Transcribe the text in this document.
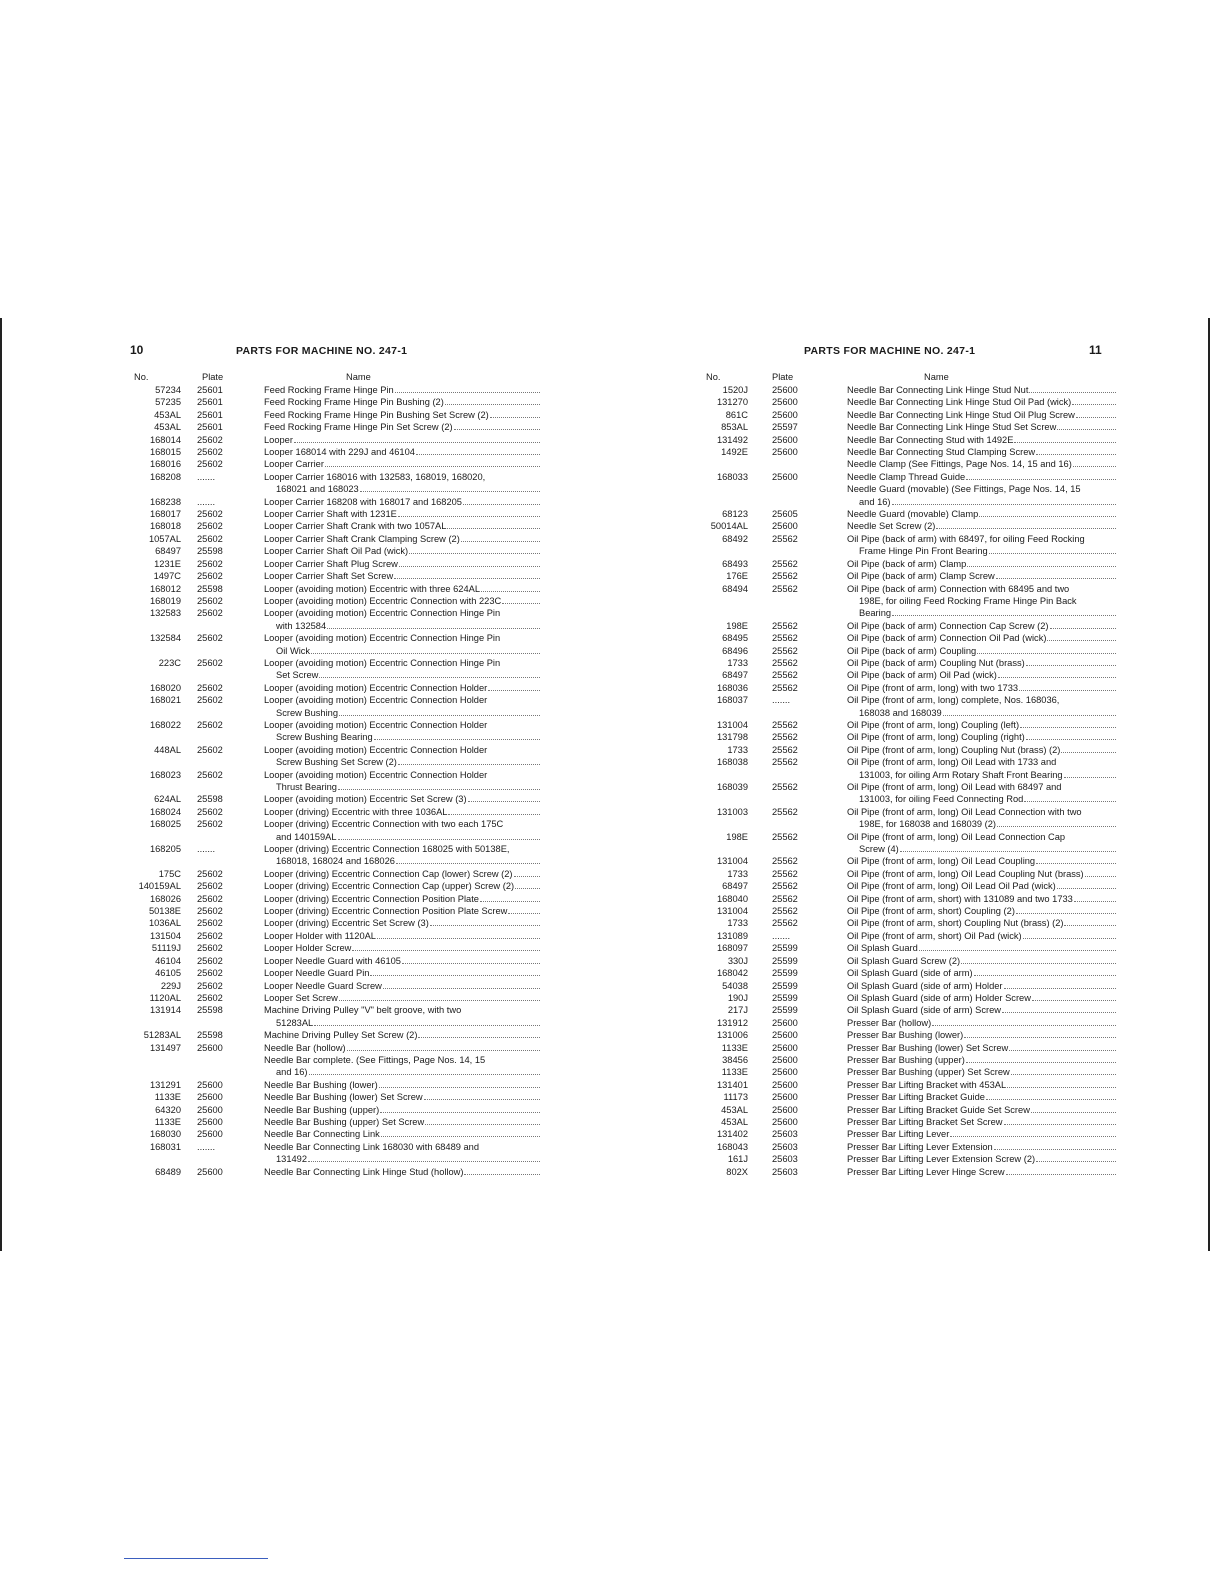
10	PARTS FOR MACHINE NO. 247-1	PARTS FOR MACHINE NO. 247-1	11
No.	Plate	Name
57234	25601	Feed Rocking Frame Hinge Pin
57235	25601	Feed Rocking Frame Hinge Pin Bushing (2)
453AL	25601	Feed Rocking Frame Hinge Pin Bushing Set Screw (2)
453AL	25601	Feed Rocking Frame Hinge Pin Set Screw (2)
168014	25602	Looper
168015	25602	Looper 168014 with 229J and 46104
168016	25602	Looper Carrier
168208	.......	Looper Carrier 168016 with 132583, 168019, 168020,
168021 and 168023
168238	.......	Looper Carrier 168208 with 168017 and 168205
168017	25602	Looper Carrier Shaft with 1231E
168018	25602	Looper Carrier Shaft Crank with two 1057AL
1057AL	25602	Looper Carrier Shaft Crank Clamping Screw (2)
68497	25598	Looper Carrier Shaft Oil Pad (wick)
1231E	25602	Looper Carrier Shaft Plug Screw
1497C	25602	Looper Carrier Shaft Set Screw
168012	25598	Looper (avoiding motion) Eccentric with three 624AL
168019	25602	Looper (avoiding motion) Eccentric Connection with 223C
132583	25602	Looper (avoiding motion) Eccentric Connection Hinge Pin
with 132584
132584	25602	Looper (avoiding motion) Eccentric Connection Hinge Pin
Oil Wick
223C	25602	Looper (avoiding motion) Eccentric Connection Hinge Pin
Set Screw
168020	25602	Looper (avoiding motion) Eccentric Connection Holder
168021	25602	Looper (avoiding motion) Eccentric Connection Holder
Screw Bushing
168022	25602	Looper (avoiding motion) Eccentric Connection Holder
Screw Bushing Bearing
448AL	25602	Looper (avoiding motion) Eccentric Connection Holder
Screw Bushing Set Screw (2)
168023	25602	Looper (avoiding motion) Eccentric Connection Holder
Thrust Bearing
624AL	25598	Looper (avoiding motion) Eccentric Set Screw (3)
168024	25602	Looper (driving) Eccentric with three 1036AL
168025	25602	Looper (driving) Eccentric Connection with two each 175C
and 140159AL
168205	.......	Looper (driving) Eccentric Connection 168025 with 50138E,
168018, 168024 and 168026
175C	25602	Looper (driving) Eccentric Connection Cap (lower) Screw (2)
140159AL	25602	Looper (driving) Eccentric Connection Cap (upper) Screw (2)
168026	25602	Looper (driving) Eccentric Connection Position Plate
50138E	25602	Looper (driving) Eccentric Connection Position Plate Screw
1036AL	25602	Looper (driving) Eccentric Set Screw (3)
131504	25602	Looper Holder with 1120AL
51119J	25602	Looper Holder Screw
46104	25602	Looper Needle Guard with 46105
46105	25602	Looper Needle Guard Pin
229J	25602	Looper Needle Guard Screw
1120AL	25602	Looper Set Screw
131914	25598	Machine Driving Pulley "V" belt groove, with two
51283AL
51283AL	25598	Machine Driving Pulley Set Screw (2)
131497	25600	Needle Bar (hollow)
Needle Bar complete. (See Fittings, Page Nos. 14, 15
and 16)
131291	25600	Needle Bar Bushing (lower)
1133E	25600	Needle Bar Bushing (lower) Set Screw
64320	25600	Needle Bar Bushing (upper)
1133E	25600	Needle Bar Bushing (upper) Set Screw
168030	25600	Needle Bar Connecting Link
168031	.......	Needle Bar Connecting Link 168030 with 68489 and
131492
68489	25600	Needle Bar Connecting Link Hinge Stud (hollow)
No.	Plate	Name
1520J	25600	Needle Bar Connecting Link Hinge Stud Nut
131270	25600	Needle Bar Connecting Link Hinge Stud Oil Pad (wick)
861C	25600	Needle Bar Connecting Link Hinge Stud Oil Plug Screw
853AL	25597	Needle Bar Connecting Link Hinge Stud Set Screw
131492	25600	Needle Bar Connecting Stud with 1492E
1492E	25600	Needle Bar Connecting Stud Clamping Screw
Needle Clamp (See Fittings, Page Nos. 14, 15 and 16)
168033	25600	Needle Clamp Thread Guide
Needle Guard (movable) (See Fittings, Page Nos. 14, 15
and 16)
68123	25605	Needle Guard (movable) Clamp
50014AL	25600	Needle Set Screw (2)
68492	25562	Oil Pipe (back of arm) with 68497, for oiling Feed Rocking
Frame Hinge Pin Front Bearing
68493	25562	Oil Pipe (back of arm) Clamp
176E	25562	Oil Pipe (back of arm) Clamp Screw
68494	25562	Oil Pipe (back of arm) Connection with 68495 and two
198E, for oiling Feed Rocking Frame Hinge Pin Back
Bearing
198E	25562	Oil Pipe (back of arm) Connection Cap Screw (2)
68495	25562	Oil Pipe (back of arm) Connection Oil Pad (wick)
68496	25562	Oil Pipe (back of arm) Coupling
1733	25562	Oil Pipe (back of arm) Coupling Nut (brass)
68497	25562	Oil Pipe (back of arm) Oil Pad (wick)
168036	25562	Oil Pipe (front of arm, long) with two 1733
168037	.......	Oil Pipe (front of arm, long) complete, Nos. 168036,
168038 and 168039
131004	25562	Oil Pipe (front of arm, long) Coupling (left)
131798	25562	Oil Pipe (front of arm, long) Coupling (right)
1733	25562	Oil Pipe (front of arm, long) Coupling Nut (brass) (2)
168038	25562	Oil Pipe (front of arm, long) Oil Lead with 1733 and
131003, for oiling Arm Rotary Shaft Front Bearing
168039	25562	Oil Pipe (front of arm, long) Oil Lead with 68497 and
131003, for oiling Feed Connecting Rod
131003	25562	Oil Pipe (front of arm, long) Oil Lead Connection with two
198E, for 168038 and 168039 (2)
198E	25562	Oil Pipe (front of arm, long) Oil Lead Connection Cap
Screw (4)
131004	25562	Oil Pipe (front of arm, long) Oil Lead Coupling
1733	25562	Oil Pipe (front of arm, long) Oil Lead Coupling Nut (brass)
68497	25562	Oil Pipe (front of arm, long) Oil Lead Oil Pad (wick)
168040	25562	Oil Pipe (front of arm, short) with 131089 and two 1733
131004	25562	Oil Pipe (front of arm, short) Coupling (2)
1733	25562	Oil Pipe (front of arm, short) Coupling Nut (brass) (2)
131089	.......	Oil Pipe (front of arm, short) Oil Pad (wick)
168097	25599	Oil Splash Guard
330J	25599	Oil Splash Guard Screw (2)
168042	25599	Oil Splash Guard (side of arm)
54038	25599	Oil Splash Guard (side of arm) Holder
190J	25599	Oil Splash Guard (side of arm) Holder Screw
217J	25599	Oil Splash Guard (side of arm) Screw
131912	25600	Presser Bar (hollow)
131006	25600	Presser Bar Bushing (lower)
1133E	25600	Presser Bar Bushing (lower) Set Screw
38456	25600	Presser Bar Bushing (upper)
1133E	25600	Presser Bar Bushing (upper) Set Screw
131401	25600	Presser Bar Lifting Bracket with 453AL
11173	25600	Presser Bar Lifting Bracket Guide
453AL	25600	Presser Bar Lifting Bracket Guide Set Screw
453AL	25600	Presser Bar Lifting Bracket Set Screw
131402	25603	Presser Bar Lifting Lever
168043	25603	Presser Bar Lifting Lever Extension
161J	25603	Presser Bar Lifting Lever Extension Screw (2)
802X	25603	Presser Bar Lifting Lever Hinge Screw
